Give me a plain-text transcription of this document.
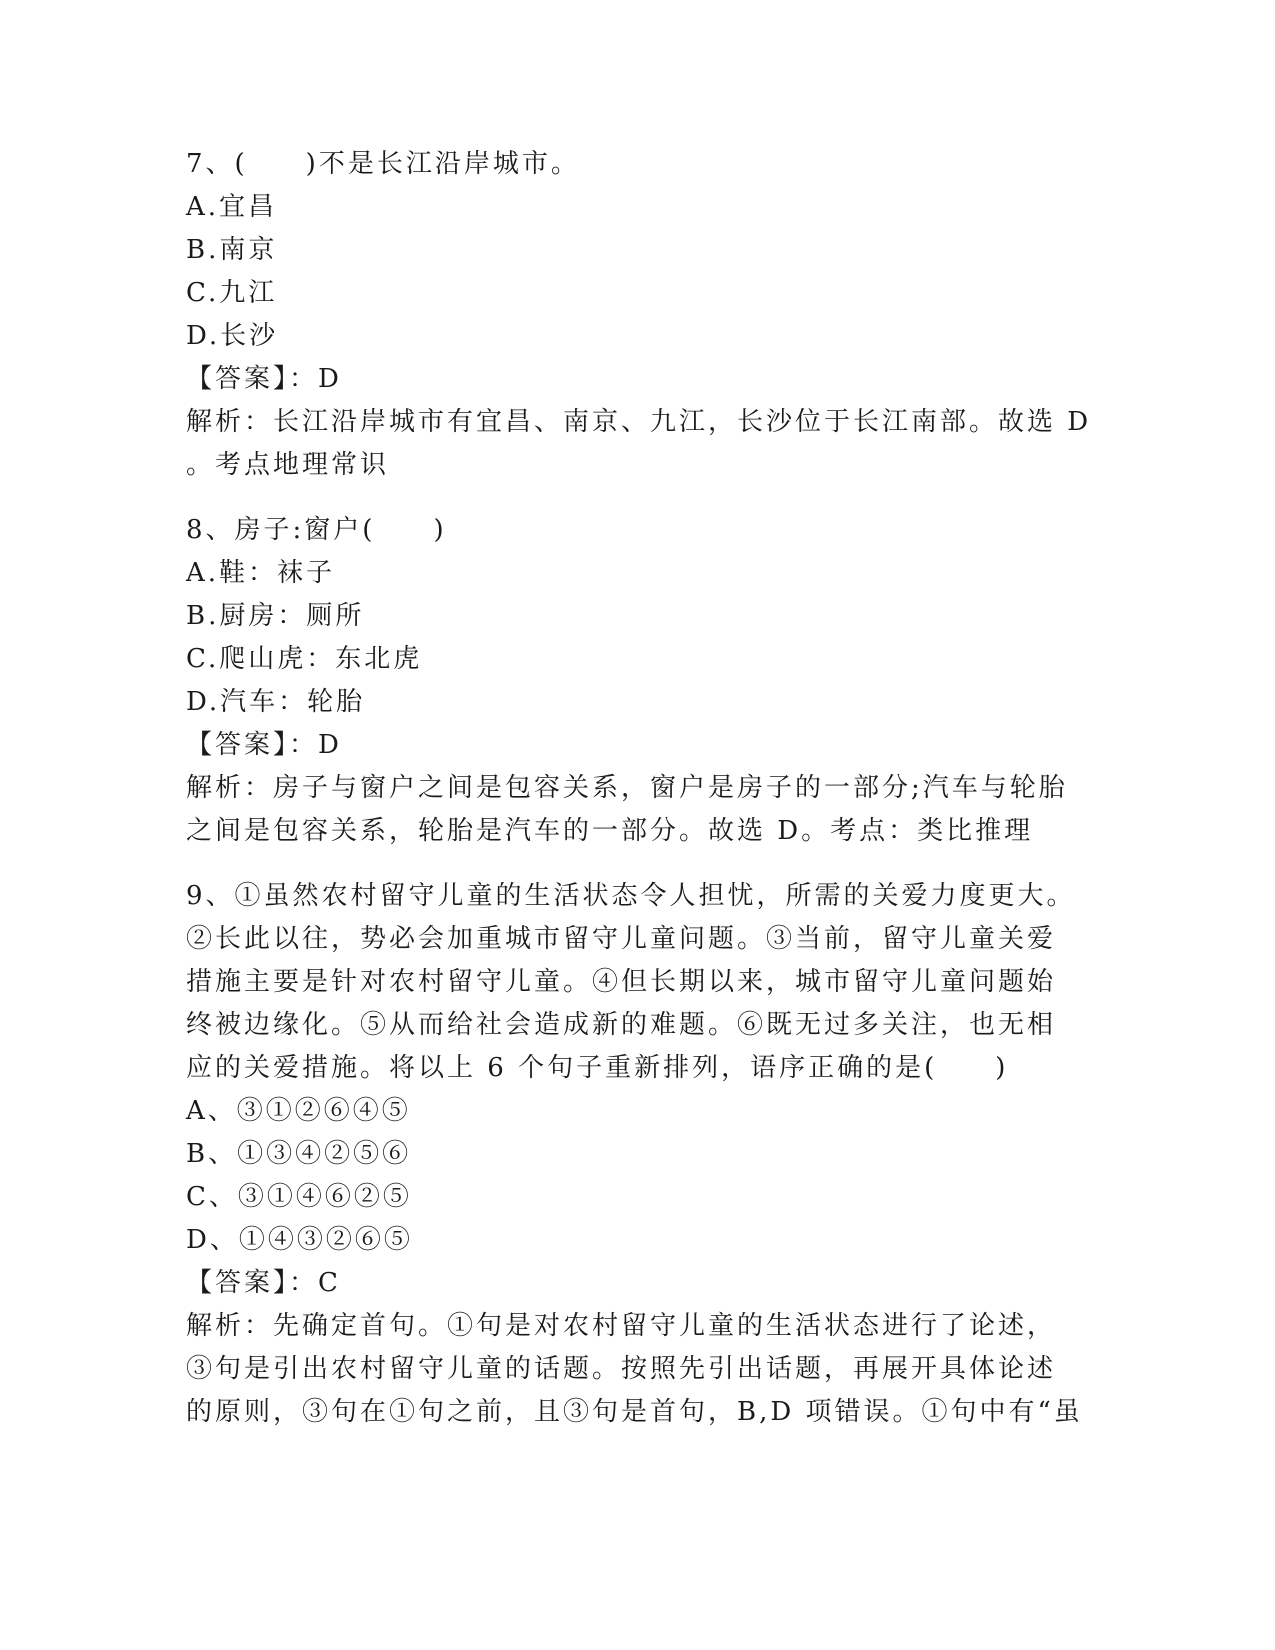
7、(　　)不是长江沿岸城市。
A.宜昌
B.南京
C.九江
D.长沙
【答案】：D
解析：长江沿岸城市有宜昌、南京、九江，长沙位于长江南部。故选 D
。考点地理常识
8、房子:窗户(　　)
A.鞋：袜子
B.厨房：厕所
C.爬山虎：东北虎
D.汽车：轮胎
【答案】：D
解析：房子与窗户之间是包容关系，窗户是房子的一部分;汽车与轮胎
之间是包容关系，轮胎是汽车的一部分。故选 D。考点：类比推理
9、①虽然农村留守儿童的生活状态令人担忧，所需的关爱力度更大。
②长此以往，势必会加重城市留守儿童问题。③当前，留守儿童关爱
措施主要是针对农村留守儿童。④但长期以来，城市留守儿童问题始
终被边缘化。⑤从而给社会造成新的难题。⑥既无过多关注，也无相
应的关爱措施。将以上 6 个句子重新排列，语序正确的是(　　)
A、③①②⑥④⑤
B、①③④②⑤⑥
C、③①④⑥②⑤
D、①④③②⑥⑤
【答案】：C
解析：先确定首句。①句是对农村留守儿童的生活状态进行了论述，
③句是引出农村留守儿童的话题。按照先引出话题，再展开具体论述
的原则，③句在①句之前，且③句是首句，B,D 项错误。①句中有“虽
